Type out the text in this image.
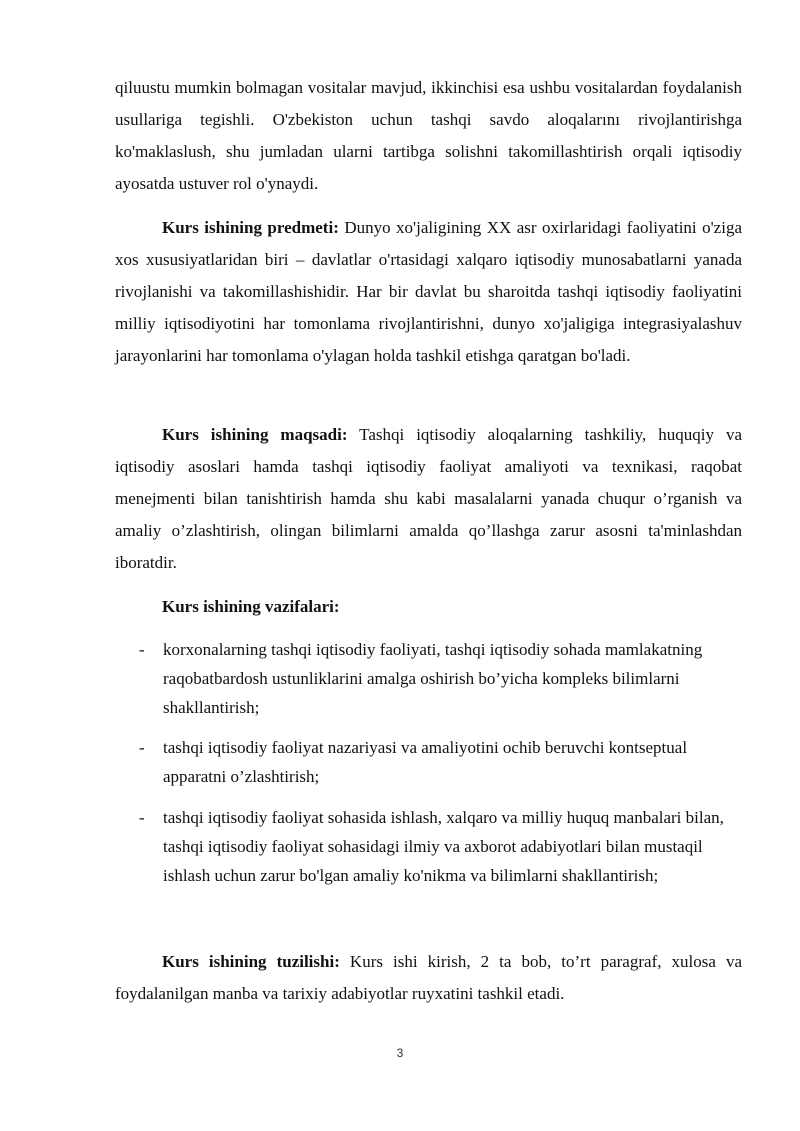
qiluustu mumkin bolmagan vositalar mavjud, ikkinchisi esa ushbu vositalardan foydalanish usullariga tegishli. O'zbekiston uchun tashqi savdo aloqalarını rivojlantirishga ko'maklaslush, shu jumladan ularni tartibga solishni takomillashtirish orqali iqtisodiy ayosatda ustuver rol o'ynaydi.

Kurs ishining predmeti: Dunyo xo'jaligining XX asr oxirlaridagi faoliyatini o'ziga xos xususiyatlaridan biri – davlatlar o'rtasidagi xalqaro iqtisodiy munosabatlarni yanada rivojlanishi va takomillashishidir. Har bir davlat bu sharoitda tashqi iqtisodiy faoliyatini milliy iqtisodiyotini har tomonlama rivojlantirishni, dunyo xo'jaligiga integrasiyalashuv jarayonlarini har tomonlama o'ylagan holda tashkil etishga qaratgan bo'ladi.

Kurs ishining maqsadi: Tashqi iqtisodiy aloqalarning tashkiliy, huquqiy va iqtisodiy asoslari hamda tashqi iqtisodiy faoliyat amaliyoti va texnikasi, raqobat menejmenti bilan tanishtirish hamda shu kabi masalalarni yanada chuqur o’rganish va amaliy o’zlashtirish, olingan bilimlarni amalda qo’llashga zarur asosni ta'minlashdan iboratdir.

Kurs ishining vazifalari:
- korxonalarning tashqi iqtisodiy faoliyati, tashqi iqtisodiy sohada mamlakatning raqobatbardosh ustunliklarini amalga oshirish bo’yicha kompleks bilimlarni shakllantirish;
- tashqi iqtisodiy faoliyat nazariyasi va amaliyotini ochib beruvchi kontseptual apparatni o’zlashtirish;
- tashqi iqtisodiy faoliyat sohasida ishlash, xalqaro va milliy huquq manbalari bilan, tashqi iqtisodiy faoliyat sohasidagi ilmiy va axborot adabiyotlari bilan mustaqil ishlash uchun zarur bo'lgan amaliy ko'nikma va bilimlarni shakllantirish;

Kurs ishining tuzilishi: Kurs ishi kirish, 2 ta bob, to’rt paragraf, xulosa va foydalanilgan manba va tarixiy adabiyotlar ruyxatini tashkil etadi.

3
